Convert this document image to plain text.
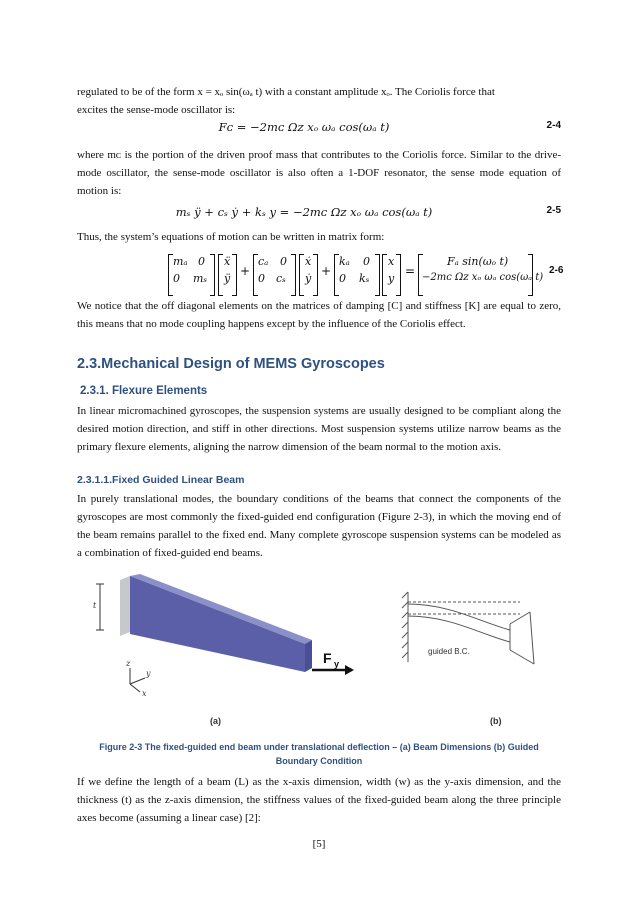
regulated to be of the form x = xₒ sin(ωₐ t) with a constant amplitude xₒ. The Coriolis force that
excites the sense-mode oscillator is:

Fᴄ = −2mᴄ Ωᴢ xₒ ωₐ cos(ωₐ t)	2-4

where mᴄ is the portion of the driven proof mass that contributes to the Coriolis force. Similar to the drive-mode oscillator, the sense-mode oscillator is also often a 1-DOF resonator, the sense mode equation of motion is:

mₛ ÿ + cₛ ẏ + kₛ y = −2mᴄ Ωᴢ xₒ ωₐ cos(ωₐ t)	2-5

Thus, the system’s equations of motion can be written in matrix form:

mₐ 0
0 mₛ
ẍ
ÿ
+
cₐ 0
0 cₛ
ẋ
ẏ
+
kₐ 0
0 kₛ
x
y
=
Fₐ sin(ωₒ t)
−2mᴄ Ωᴢ xₒ ωₐ cos(ωₐ t)
2-6

We notice that the off diagonal elements on the matrices of damping [C] and stiffness [K] are equal to zero, this means that no mode coupling happens except by the influence of the Coriolis effect.

2.3.Mechanical Design of MEMS Gyroscopes
2.3.1. Flexure Elements

In linear micromachined gyroscopes, the suspension systems are usually designed to be compliant along the desired motion direction, and stiff in other directions. Most suspension systems utilize narrow beams as the primary flexure elements, aligning the narrow dimension of the beam normal to the motion axis.

2.3.1.1.Fixed Guided Linear Beam

In purely translational modes, the boundary conditions of the beams that connect the components of the gyroscopes are most commonly the fixed-guided end configuration (Figure 2-3), in which the moving end of the beam remains parallel to the fixed end. Many complete gyroscope suspension systems can be modeled as a combination of fixed-guided end beams.

t
z
y
x
F y
(a)
guided B.C.
(b)
Figure 2-3 The fixed-guided end beam under translational deflection – (a) Beam Dimensions (b) Guided Boundary Condition

If we define the length of a beam (L) as the x-axis dimension, width (w) as the y-axis dimension, and the thickness (t) as the z-axis dimension, the stiffness values of the fixed-guided beam along the three principle axes become (assuming a linear case) [2]:

[5]
